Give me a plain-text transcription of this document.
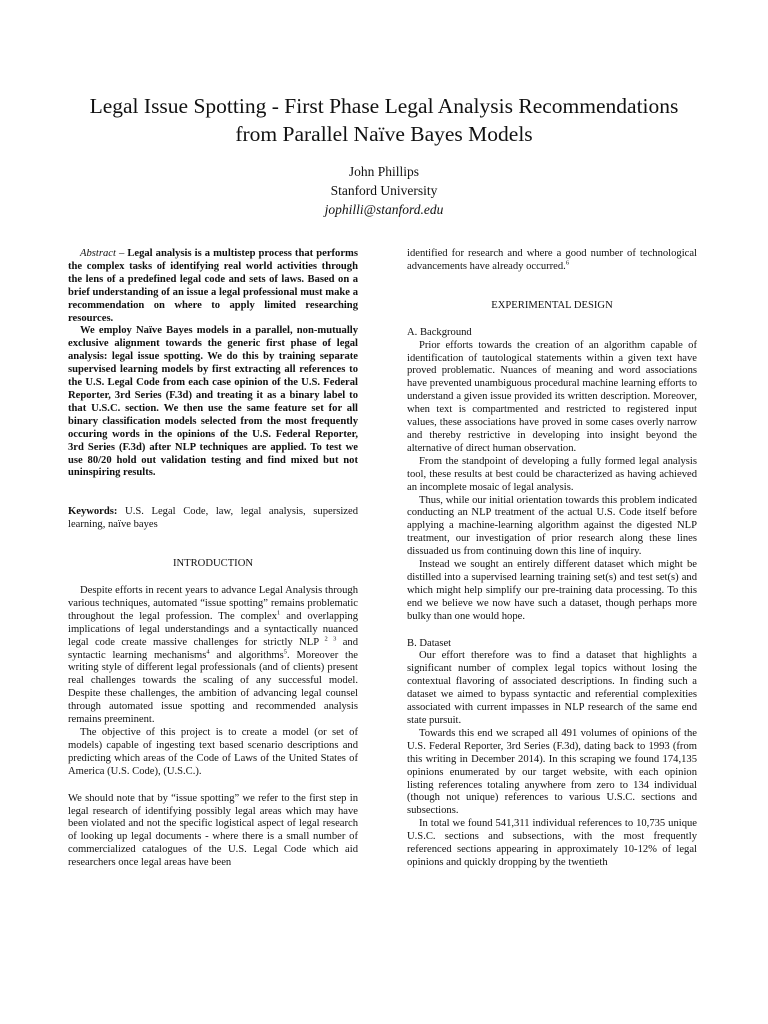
Legal Issue Spotting - First Phase Legal Analysis Recommendations
from Parallel Naïve Bayes Models
John Phillips
Stanford University
jophilli@stanford.edu

Abstract – Legal analysis is a multistep process that performs the complex tasks of identifying real world activities through the lens of a predefined legal code and sets of laws. Based on a brief understanding of an issue a legal professional must make a recommendation on where to apply limited researching resources.

We employ Naïve Bayes models in a parallel, non-mutually exclusive alignment towards the generic first phase of legal analysis: legal issue spotting. We do this by training separate supervised learning models by first extracting all references to the U.S. Legal Code from each case opinion of the U.S. Federal Reporter, 3rd Series (F.3d) and treating it as a binary label to that U.S.C. section. We then use the same feature set for all binary classification models selected from the most frequently occuring words in the opinions of the U.S. Federal Reporter, 3rd Series (F.3d) after NLP techniques are applied. To test we use 80/20 hold out validation testing and find mixed but not uninspiring results.

Keywords: U.S. Legal Code, law, legal analysis, supersized learning, naïve bayes

INTRODUCTION

Despite efforts in recent years to advance Legal Analysis through various techniques, automated “issue spotting” remains problematic throughout the legal profession. The complex$^1$ and overlapping implications of legal understandings and a syntactically nuanced legal code create massive challenges for strictly NLP $^{2 3}$ and syntactic learning mechanisms$^4$ and algorithms$^5$. Moreover the writing style of different legal professionals (and of clients) present real challenges towards the scaling of any successful model. Despite these challenges, the ambition of advancing legal counsel through automated issue spotting and recommended analysis remains preeminent.

The objective of this project is to create a model (or set of models) capable of ingesting text based scenario descriptions and predicting which areas of the Code of Laws of the United States of America (U.S. Code), (U.S.C.).

We should note that by “issue spotting” we refer to the first step in legal research of identifying possibly legal areas which may have been violated and not the specific logistical aspect of legal research of looking up legal documents - where there is a small number of commercialized catalogues of the U.S. Legal Code which aid researchers once legal areas have been

identified for research and where a good number of technological advancements have already occurred.$^6$

EXPERIMENTAL DESIGN

A. Background

Prior efforts towards the creation of an algorithm capable of identification of tautological statements within a given text have proved problematic. Nuances of meaning and word associations have prevented unambiguous procedural machine learning efforts to understand a given issue provided its written description. Moreover, when text is compartmented and restricted to registered input values, these associations have proved in some cases overly narrow and thereby restrictive in developing into insight beyond the alternative of direct human observation.

From the standpoint of developing a fully formed legal analysis tool, these results at best could be characterized as having achieved an incomplete mosaic of legal analysis.

Thus, while our initial orientation towards this problem indicated conducting an NLP treatment of the actual U.S. Code itself before applying a machine-learning algorithm against the digested NLP treatment, our investigation of prior research along these lines dissuaded us from continuing down this line of inquiry.

Instead we sought an entirely different dataset which might be distilled into a supervised learning training set(s) and test set(s) and which might help simplify our pre-training data processing. To this end we believe we now have such a dataset, though perhaps more bulky than one would hope.

B. Dataset

Our effort therefore was to find a dataset that highlights a significant number of complex legal topics without losing the contextual flavoring of associated descriptions. In finding such a dataset we aimed to bypass syntactic and referential complexities associated with current impasses in NLP research of the same end state pursuit.

Towards this end we scraped all 491 volumes of opinions of the U.S. Federal Reporter, 3rd Series (F.3d), dating back to 1993 (from this writing in December 2014). In this scraping we found 174,135 opinions enumerated by our target website, with each opinion listing references totaling anywhere from zero to 134 individual (though not unique) references to various U.S.C. sections and subsections.

In total we found 541,311 individual references to 10,735 unique U.S.C. sections and subsections, with the most frequently referenced sections appearing in approximately 10-12% of legal opinions and quickly dropping by the twentieth
